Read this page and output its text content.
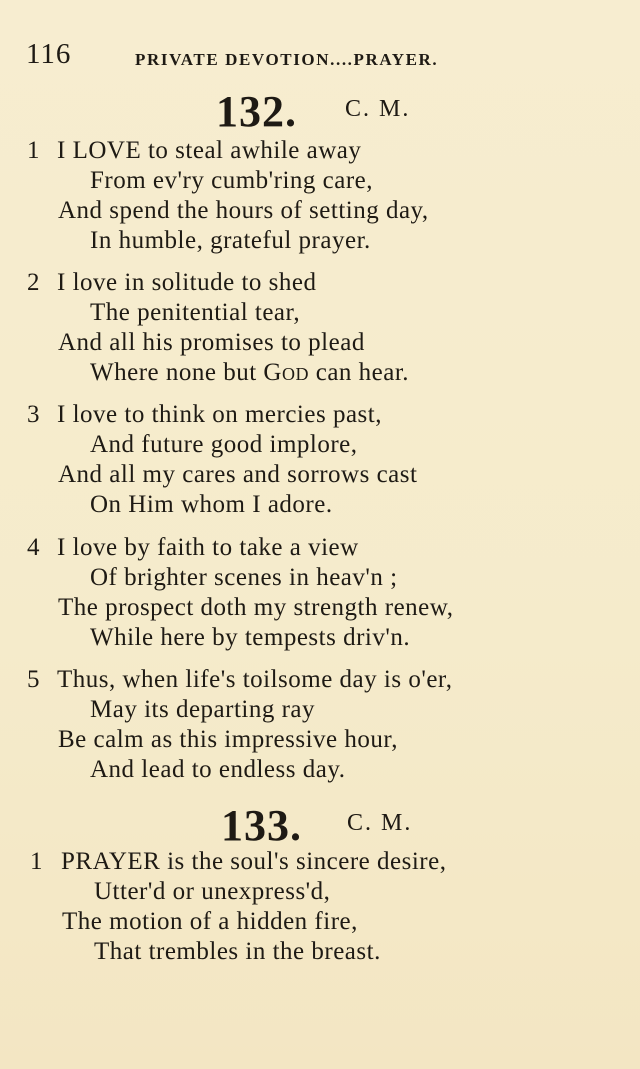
116	PRIVATE DEVOTION....PRAYER.
132. C. M.
1 I LOVE to steal awhile away
From ev'ry cumb'ring care,
And spend the hours of setting day,
In humble, grateful prayer.
2 I love in solitude to shed
The penitential tear,
And all his promises to plead
Where none but God can hear.
3 I love to think on mercies past,
And future good implore,
And all my cares and sorrows cast
On Him whom I adore.
4 I love by faith to take a view
Of brighter scenes in heav'n ;
The prospect doth my strength renew,
While here by tempests driv'n.
5 Thus, when life's toilsome day is o'er,
May its departing ray
Be calm as this impressive hour,
And lead to endless day.
133. C. M.
1 PRAYER is the soul's sincere desire,
Utter'd or unexpress'd,
The motion of a hidden fire,
That trembles in the breast.
